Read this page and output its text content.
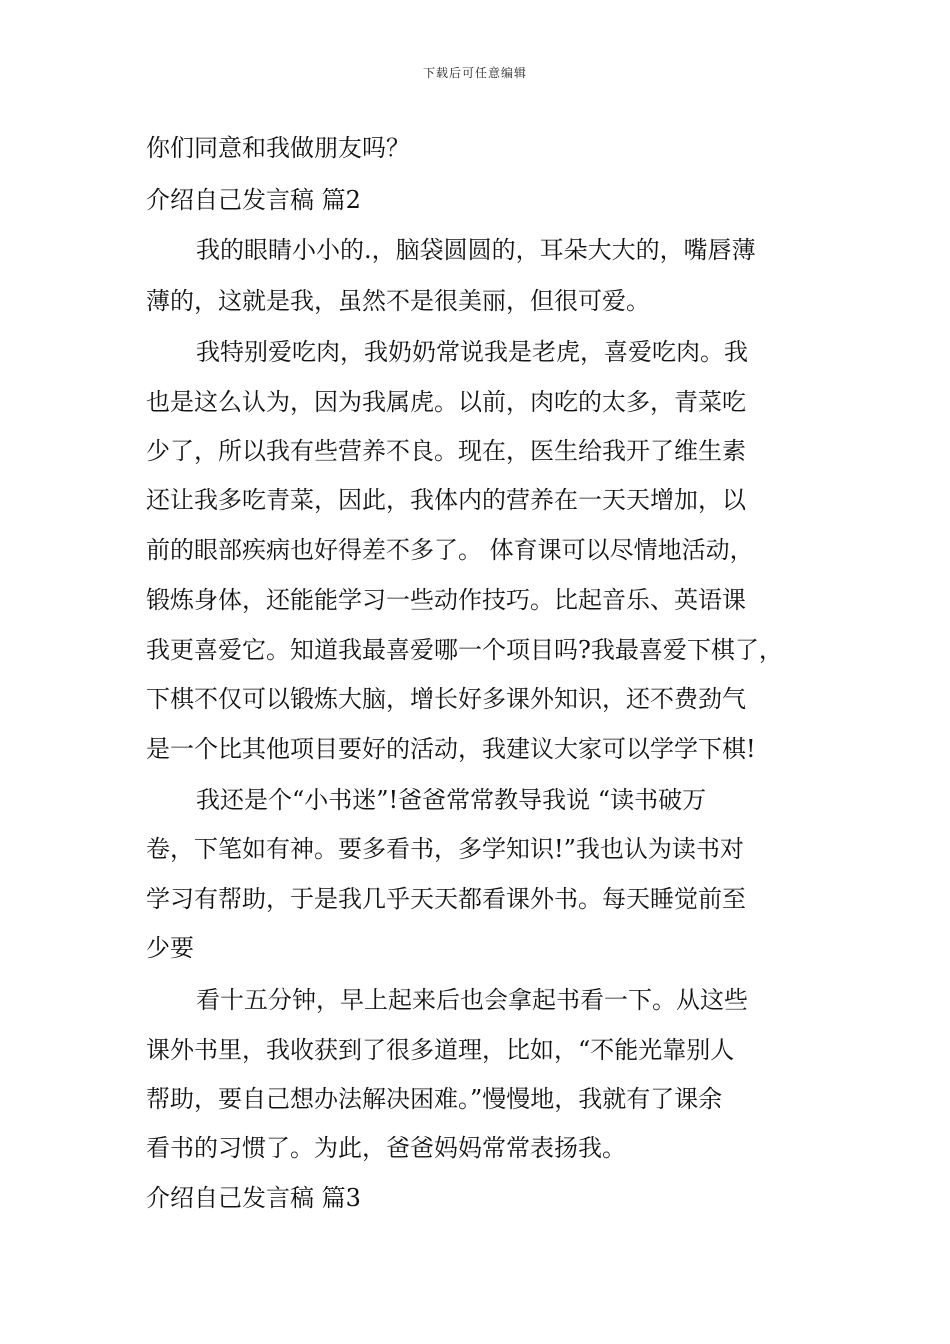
下载后可任意编辑
你们同意和我做朋友吗？
介绍自己发言稿 篇2
我的眼睛小小的.，脑袋圆圆的，耳朵大大的，嘴唇薄
薄的，这就是我，虽然不是很美丽，但很可爱。
我特别爱吃肉，我奶奶常说我是老虎，喜爱吃肉。我
也是这么认为，因为我属虎。以前，肉吃的太多，青菜吃
少了，所以我有些营养不良。现在，医生给我开了维生素
还让我多吃青菜，因此，我体内的营养在一天天增加，以
前的眼部疾病也好得差不多了。 体育课可以尽情地活动，
锻炼身体，还能能学习一些动作技巧。比起音乐、英语课
我更喜爱它。知道我最喜爱哪一个项目吗?我最喜爱下棋了，
下棋不仅可以锻炼大脑，增长好多课外知识，还不费劲气
是一个比其他项目要好的活动，我建议大家可以学学下棋!
我还是个“小书迷”!爸爸常常教导我说 “读书破万
卷，下笔如有神。要多看书，多学知识!”我也认为读书对
学习有帮助，于是我几乎天天都看课外书。每天睡觉前至
少要
看十五分钟，早上起来后也会拿起书看一下。从这些
课外书里，我收获到了很多道理，比如，“不能光靠别人
帮助，要自己想办法解决困难。”慢慢地，我就有了课余
看书的习惯了。为此，爸爸妈妈常常表扬我。
介绍自己发言稿 篇3
